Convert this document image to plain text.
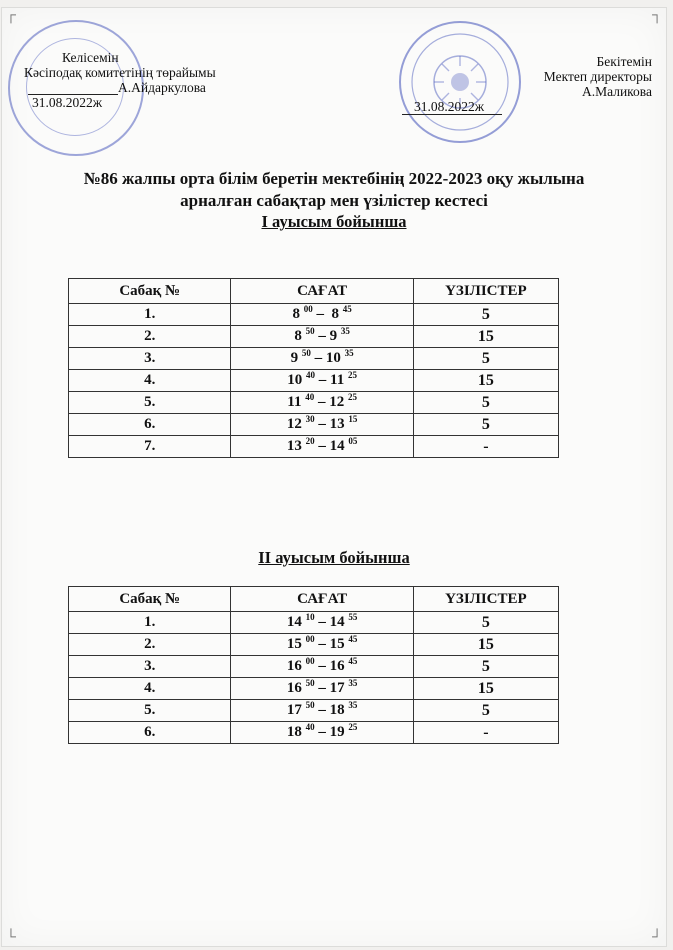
┌	┐
└	┘
Келісемін
Кәсіподақ комитетінің төрайымы
А.Айдаркулова
31.08.2022ж
Бекітемін
Мектеп директоры
А.Маликова
31.08.2022ж
№86 жалпы орта білім беретін мектебінің 2022-2023 оқу жылына
арналған сабақтар мен үзілістер кестесі
I ауысым бойынша
Сабақ №	САҒАТ	ҮЗІЛІСТЕР
1.	8 $^{00}$ –  8 $^{45}$	5
2.	8 $^{50}$ – 9 $^{35}$	15
3.	9 $^{50}$ – 10 $^{35}$	5
4.	10 $^{40}$ – 11 $^{25}$	15
5.	11 $^{40}$ – 12 $^{25}$	5
6.	12 $^{30}$ – 13 $^{15}$	5
7.	13 $^{20}$ – 14 $^{05}$	-
II ауысым бойынша
Сабақ №	САҒАТ	ҮЗІЛІСТЕР
1.	14 $^{10}$ – 14 $^{55}$	5
2.	15 $^{00}$ – 15 $^{45}$	15
3.	16 $^{00}$ – 16 $^{45}$	5
4.	16 $^{50}$ – 17 $^{35}$	15
5.	17 $^{50}$ – 18 $^{35}$	5
6.	18 $^{40}$ – 19 $^{25}$	-
